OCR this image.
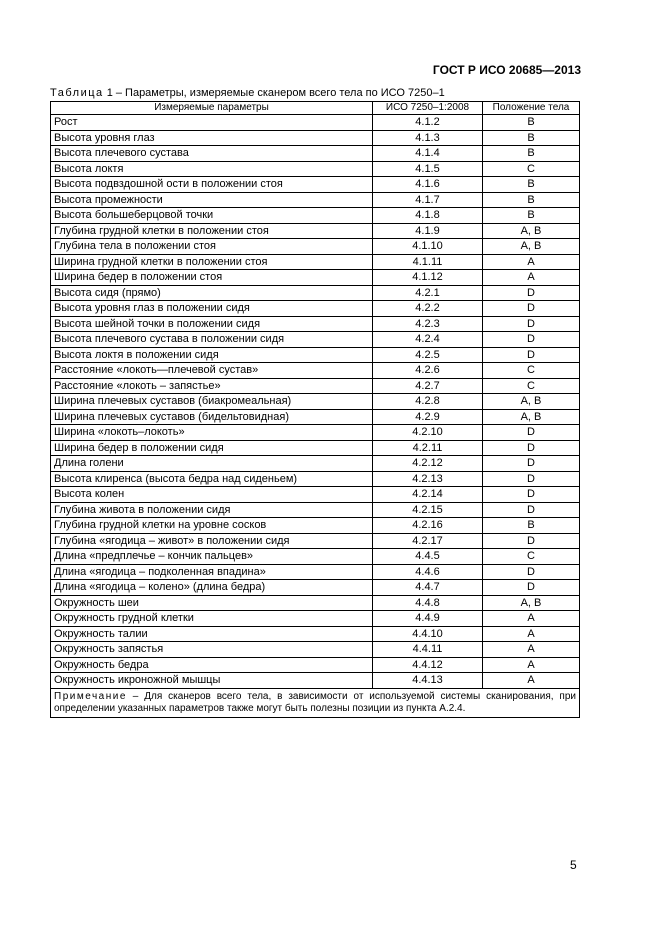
ГОСТ Р ИСО 20685—2013
Таблица 1 – Параметры, измеряемые сканером всего тела по ИСО 7250–1
Измеряемые параметры	ИСО 7250–1:2008	Положение тела
Рост	4.1.2	B
Высота уровня глаз	4.1.3	B
Высота плечевого сустава	4.1.4	B
Высота локтя	4.1.5	C
Высота подвздошной ости в положении стоя	4.1.6	B
Высота промежности	4.1.7	B
Высота большеберцовой точки	4.1.8	B
Глубина грудной клетки в положении стоя	4.1.9	A, B
Глубина тела в положении стоя	4.1.10	A, B
Ширина грудной клетки в положении стоя	4.1.11	A
Ширина бедер в положении стоя	4.1.12	A
Высота сидя (прямо)	4.2.1	D
Высота уровня глаз в положении сидя	4.2.2	D
Высота шейной точки в положении сидя	4.2.3	D
Высота плечевого сустава в положении сидя	4.2.4	D
Высота локтя в положении сидя	4.2.5	D
Расстояние «локоть—плечевой сустав»	4.2.6	C
Расстояние «локоть – запястье»	4.2.7	C
Ширина плечевых суставов (биакромеальная)	4.2.8	A, B
Ширина плечевых суставов (бидельтовидная)	4.2.9	A, B
Ширина «локоть–локоть»	4.2.10	D
Ширина бедер в положении сидя	4.2.11	D
Длина голени	4.2.12	D
Высота клиренса (высота бедра над сиденьем)	4.2.13	D
Высота колен	4.2.14	D
Глубина живота в положении сидя	4.2.15	D
Глубина грудной клетки на уровне сосков	4.2.16	B
Глубина «ягодица – живот» в положении сидя	4.2.17	D
Длина «предплечье – кончик пальцев»	4.4.5	C
Длина «ягодица – подколенная впадина»	4.4.6	D
Длина «ягодица – колено» (длина бедра)	4.4.7	D
Окружность шеи	4.4.8	A, B
Окружность грудной клетки	4.4.9	A
Окружность талии	4.4.10	A
Окружность запястья	4.4.11	A
Окружность бедра	4.4.12	A
Окружность икроножной мышцы	4.4.13	A
Примечание – Для сканеров всего тела, в зависимости от используемой системы сканирования, при определении указанных параметров также могут быть полезны позиции из пункта А.2.4.		
5
